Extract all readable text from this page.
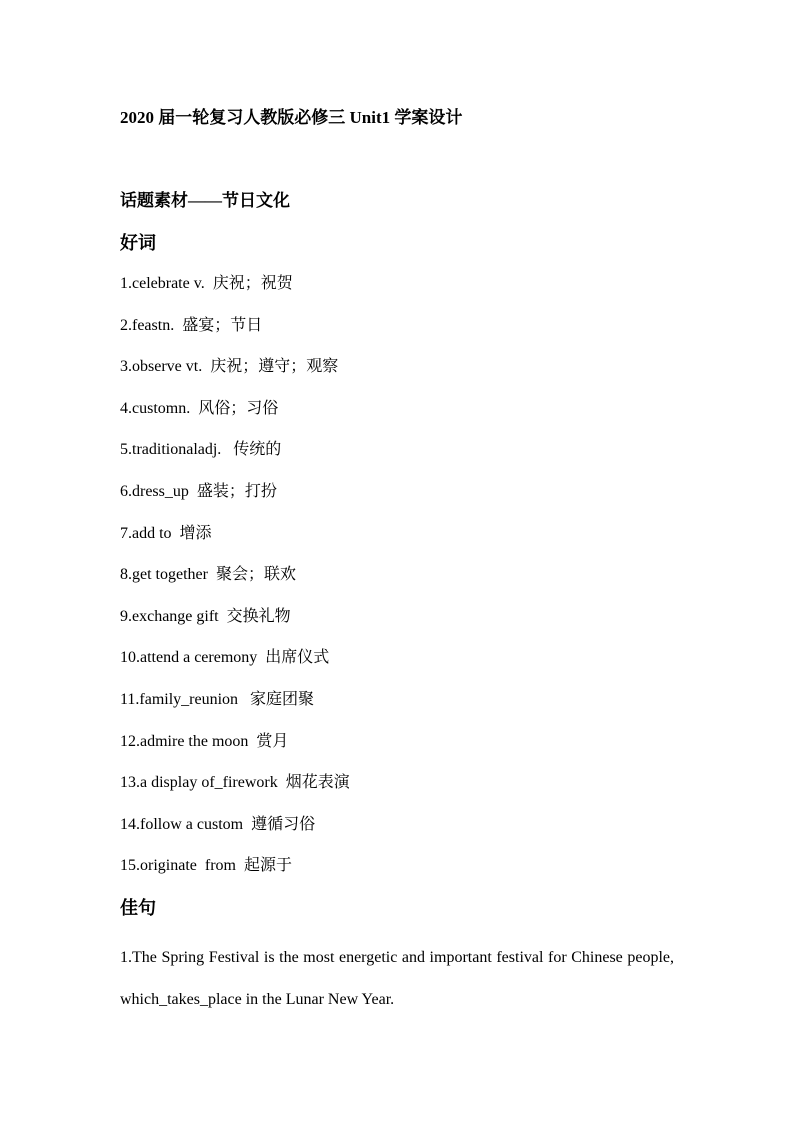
2020 届一轮复习人教版必修三 Unit1 学案设计
话题素材——节日文化
好词
1.celebrate v.  庆祝；祝贺
2.feastn.  盛宴；节日
3.observe vt.  庆祝；遵守；观察
4.customn.  风俗；习俗
5.traditionaladj.   传统的
6.dress_up  盛装；打扮
7.add to  增添
8.get together  聚会；联欢
9.exchange gift  交换礼物
10.attend a ceremony  出席仪式
11.family_reunion   家庭团聚
12.admire the moon  赏月
13.a display of_firework  烟花表演
14.follow a custom  遵循习俗
15.originate  from  起源于
佳句

1.The Spring Festival is the most energetic and important festival for Chinese people, which_takes_place in the Lunar New Year.
